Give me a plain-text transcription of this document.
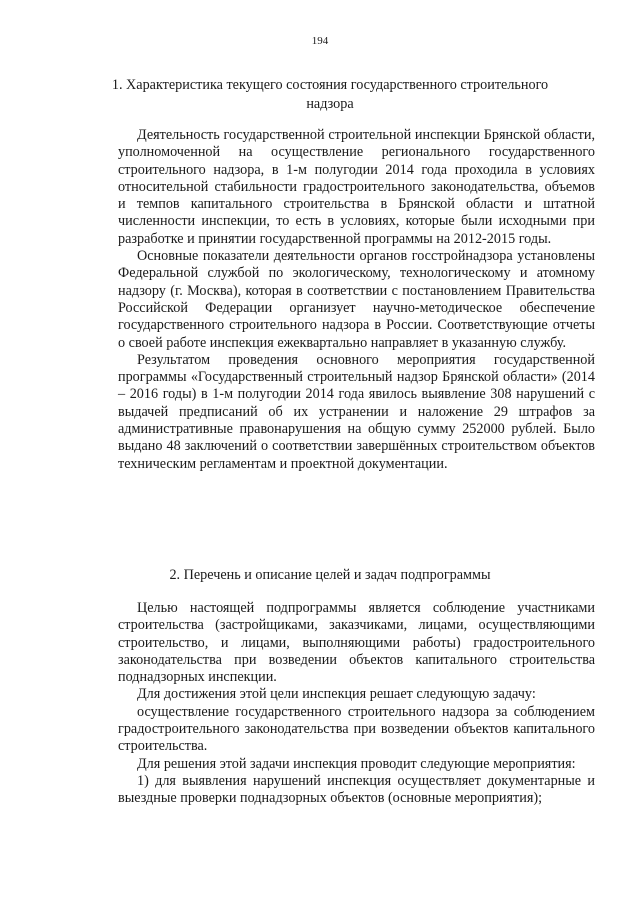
194
1. Характеристика текущего состояния государственного строительного надзора

Деятельность государственной строительной инспекции Брянской области, уполномоченной на осуществление регионального государственного строительного надзора, в 1-м полугодии 2014 года проходила в условиях относительной стабильности градостроительного законодательства, объемов и темпов капитального строительства в Брянской области и штатной численности инспекции, то есть в условиях, которые были исходными при разработке и принятии государственной программы на 2012-2015 годы.

Основные показатели деятельности органов госстройнадзора установлены Федеральной службой по экологическому, технологическому и атомному надзору (г. Москва), которая в соответствии с постановлением Правительства Российской Федерации организует научно-методическое обеспечение государственного строительного надзора в России. Соответствующие отчеты о своей работе инспекция ежеквартально направляет в указанную службу.

Результатом проведения основного мероприятия государственной программы «Государственный строительный надзор Брянской области» (2014 – 2016 годы) в 1-м полугодии 2014 года явилось выявление 308 нарушений с выдачей предписаний об их устранении и наложение 29 штрафов за административные правонарушения на общую сумму 252000 рублей. Было выдано 48 заключений о соответствии завершённых строительством объектов техническим регламентам и проектной документации.

2. Перечень и описание целей и задач подпрограммы

Целью настоящей подпрограммы является соблюдение участниками строительства (застройщиками, заказчиками, лицами, осуществляющими строительство, и лицами, выполняющими работы) градостроительного законодательства при возведении объектов капитального строительства поднадзорных инспекции.

Для достижения этой цели инспекция решает следующую задачу:

осуществление государственного строительного надзора за соблюдением градостроительного законодательства при возведении объектов капитального строительства.

Для решения этой задачи инспекция проводит следующие мероприятия:

1) для выявления нарушений инспекция осуществляет документарные и выездные проверки поднадзорных объектов (основные мероприятия);
